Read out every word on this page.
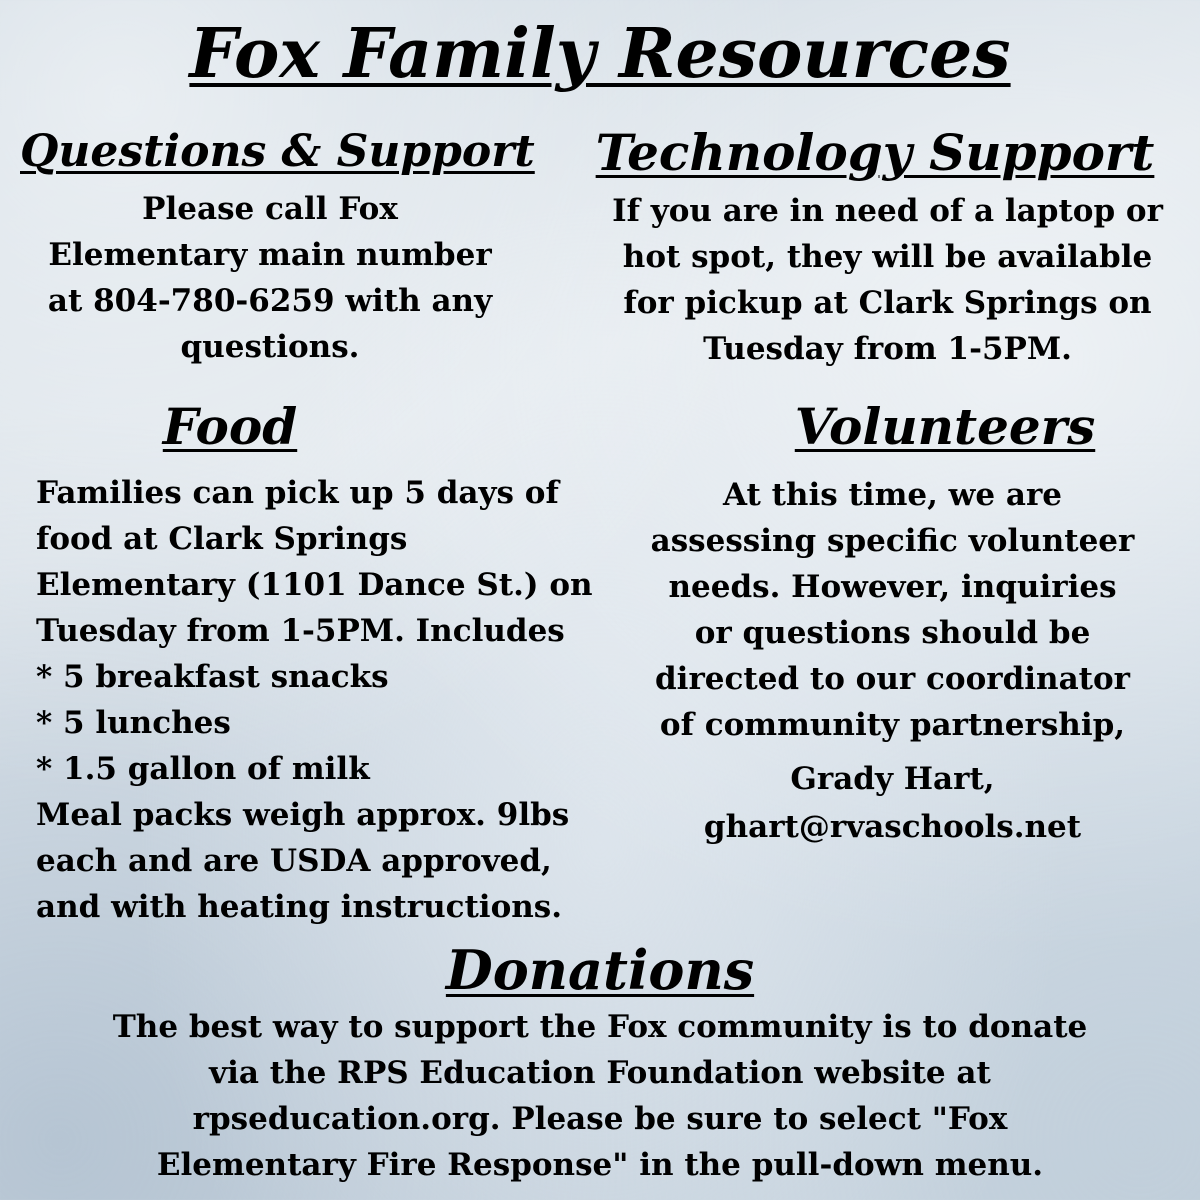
Fox Family Resources
Questions & Support

Please call Fox

Elementary main number

at 804-780-6259 with any

questions.

Technology Support

If you are in need of a laptop or

hot spot, they will be available

for pickup at Clark Springs on

Tuesday from 1-5PM.

Food

Families can pick up 5 days of

food at Clark Springs

Elementary (1101 Dance St.) on

Tuesday from 1-5PM. Includes

* 5 breakfast snacks

* 5 lunches

* 1.5 gallon of milk

Meal packs weigh approx. 9lbs

each and are USDA approved,

and with heating instructions.

Volunteers

At this time, we are

assessing specific volunteer

needs. However, inquiries

or questions should be

directed to our coordinator

of community partnership,

Grady Hart,

ghart@rvaschools.net

Donations

The best way to support the Fox community is to donate

via the RPS Education Foundation website at

rpseducation.org. Please be sure to select "Fox

Elementary Fire Response" in the pull-down menu.
